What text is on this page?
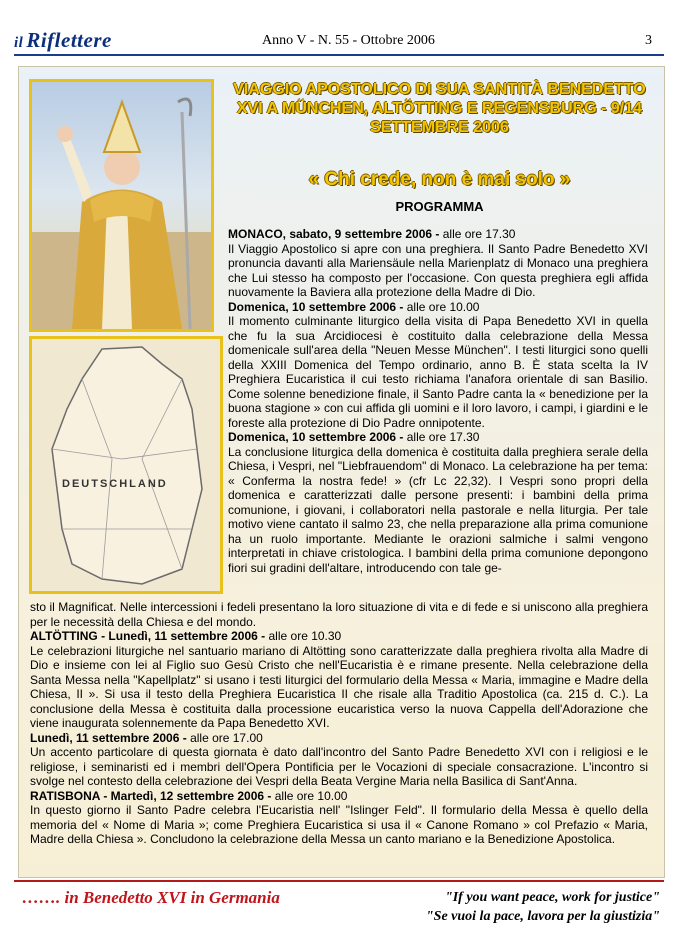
il Riflettere	Anno V - N. 55 - Ottobre 2006	3
DEUTSCHLAND
VIAGGIO APOSTOLICO DI SUA SANTITÀ BENEDETTO XVI A MÜNCHEN, ALTÖTTING E REGENSBURG - 9/14 SETTEMBRE 2006
« Chi crede, non è mai solo »
PROGRAMMA

MONACO, sabato, 9 settembre 2006 - alle ore 17.30

Il Viaggio Apostolico si apre con una preghiera. Il Santo Padre Benedetto XVI pronuncia davanti alla Mariensäule nella Marienplatz di Monaco una preghiera che Lui stesso ha composto per l'occasione. Con questa preghiera egli affida nuovamente la Baviera alla protezione della Madre di Dio.

Domenica, 10 settembre 2006 - alle ore 10.00

Il momento culminante liturgico della visita di Papa Benedetto XVI in quella che fu la sua Arcidiocesi è costituito dalla celebrazione della Messa domenicale sull'area della "Neuen Messe München". I testi liturgici sono quelli della XXIII Domenica del Tempo ordinario, anno B. È stata scelta la IV Preghiera Eucaristica il cui testo richiama l'anafora orientale di san Basilio. Come solenne benedizione finale, il Santo Padre canta la « benedizione per la buona stagione » con cui affida gli uomini e il loro lavoro, i campi, i giardini e le foreste alla protezione di Dio Padre onnipotente.

Domenica, 10 settembre 2006 - alle ore 17.30

La conclusione liturgica della domenica è costituita dalla preghiera serale della Chiesa, i Vespri, nel "Liebfrauendom" di Monaco. La celebrazione ha per tema: « Conferma la nostra fede! » (cfr Lc 22,32). I Vespri sono propri della domenica e caratterizzati dalle persone presenti: i bambini della prima comunione, i giovani, i collaboratori nella pastorale e nella liturgia. Per tale motivo viene cantato il salmo 23, che nella preparazione alla prima comunione ha un ruolo importante. Mediante le orazioni salmiche i salmi vengono interpretati in chiave cristologica. I bambini della prima comunione depongono fiori sui gradini dell'altare, introducendo con tale ge-

sto il Magnificat. Nelle intercessioni i fedeli presentano la loro situazione di vita e di fede e si uniscono alla preghiera per le necessità della Chiesa e del mondo.

ALTÖTTING - Lunedì, 11 settembre 2006 - alle ore 10.30

Le celebrazioni liturgiche nel santuario mariano di Altötting sono caratterizzate dalla preghiera rivolta alla Madre di Dio e insieme con lei al Figlio suo Gesù Cristo che nell'Eucaristia è e rimane presente. Nella celebrazione della Santa Messa nella "Kapellplatz" si usano i testi liturgici del formulario della Messa « Maria, immagine e Madre della Chiesa, II ». Si usa il testo della Preghiera Eucaristica II che risale alla Traditio Apostolica (ca. 215 d. C.). La conclusione della Messa è costituita dalla processione eucaristica verso la nuova Cappella dell'Adorazione che viene inaugurata solennemente da Papa Benedetto XVI.

Lunedì, 11 settembre 2006 - alle ore 17.00

Un accento particolare di questa giornata è dato dall'incontro del Santo Padre Benedetto XVI con i religiosi e le religiose, i seminaristi ed i membri dell'Opera Pontificia per le Vocazioni di speciale consacrazione. L'incontro si svolge nel contesto della celebrazione dei Vespri della Beata Vergine Maria nella Basilica di Sant'Anna.

RATISBONA - Martedì, 12 settembre 2006 - alle ore 10.00

In questo giorno il Santo Padre celebra l'Eucaristia nell' "Islinger Feld". Il formulario della Messa è quello della memoria del « Nome di Maria »; come Preghiera Eucaristica si usa il « Canone Romano » col Prefazio « Maria, Madre della Chiesa ». Concludono la celebrazione della Messa un canto mariano e la Benedizione Apostolica.

……. in Benedetto XVI in Germania	"If you want peace, work for justice"
"Se vuoi la pace, lavora per la giustizia"
